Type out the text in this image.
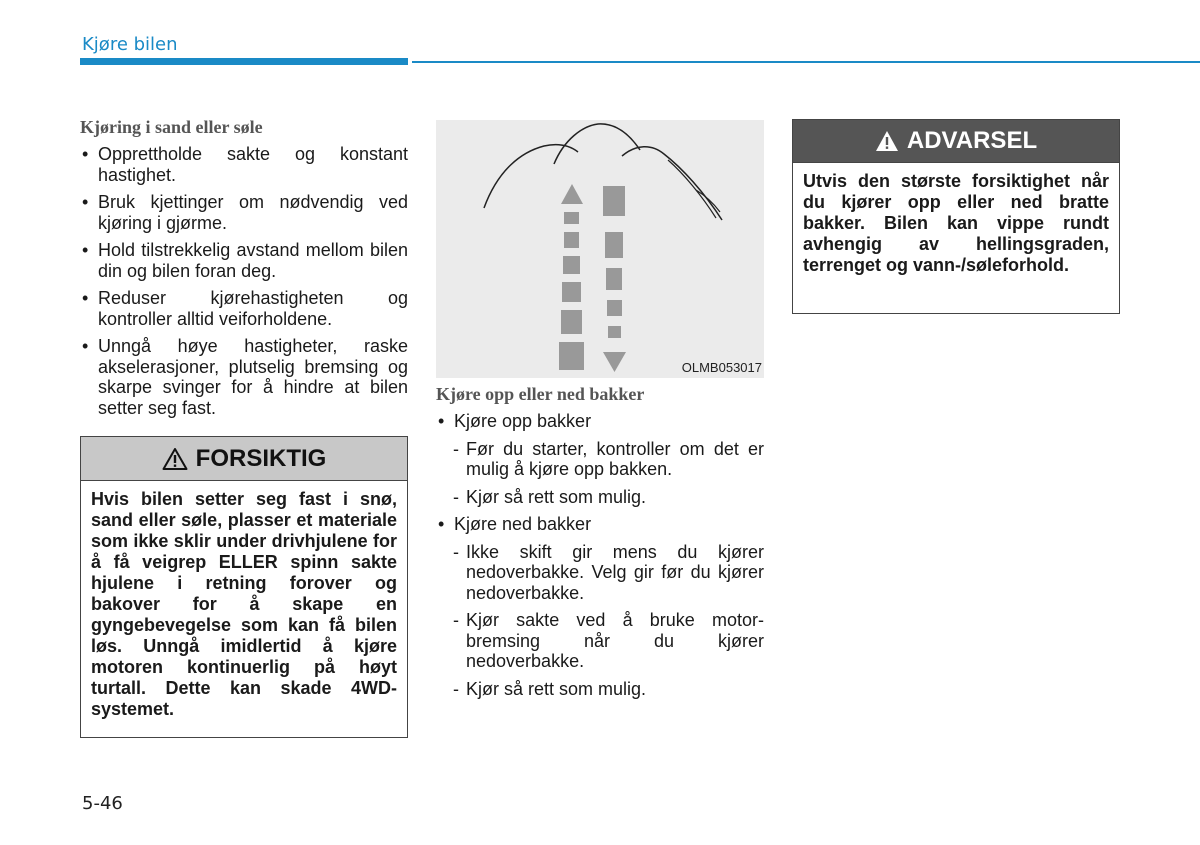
Kjøre bilen
Kjøring i sand eller søle
• Opprettholde sakte og konstant hastighet.
• Bruk kjettinger om nødvendig ved kjøring i gjørme.
• Hold tilstrekkelig avstand mellom bilen din og bilen foran deg.
• Reduser kjørehastigheten og kontroller alltid veiforholdene.
• Unngå høye hastigheter, raske akselerasjoner, plutselig bremsing og skarpe svinger for å hindre at bilen setter seg fast.
FORSIKTIG
Hvis bilen setter seg fast i snø, sand eller søle, plasser et materiale som ikke sklir under drivhjulene for å få veigrep ELLER spinn sakte hjulene i retning forover og bakover for å skape en gyngebevegelse som kan få bilen løs. Unngå imidlertid å kjøre motoren kontinuerlig på høyt turtall. Dette kan skade 4WD-systemet.
OLMB053017
Kjøre opp eller ned bakker
• Kjøre opp bakker
- Før du starter, kontroller om det er mulig å kjøre opp bakken.
- Kjør så rett som mulig.
• Kjøre ned bakker
- Ikke skift gir mens du kjører nedoverbakke. Velg gir før du kjører nedoverbakke.
- Kjør sakte ved å bruke motor-bremsing når du kjører nedoverbakke.
- Kjør så rett som mulig.
ADVARSEL
Utvis den største forsiktighet når du kjører opp eller ned bratte bakker. Bilen kan vippe rundt avhengig av hellingsgraden, terrenget og vann-/søleforhold.
5-46
